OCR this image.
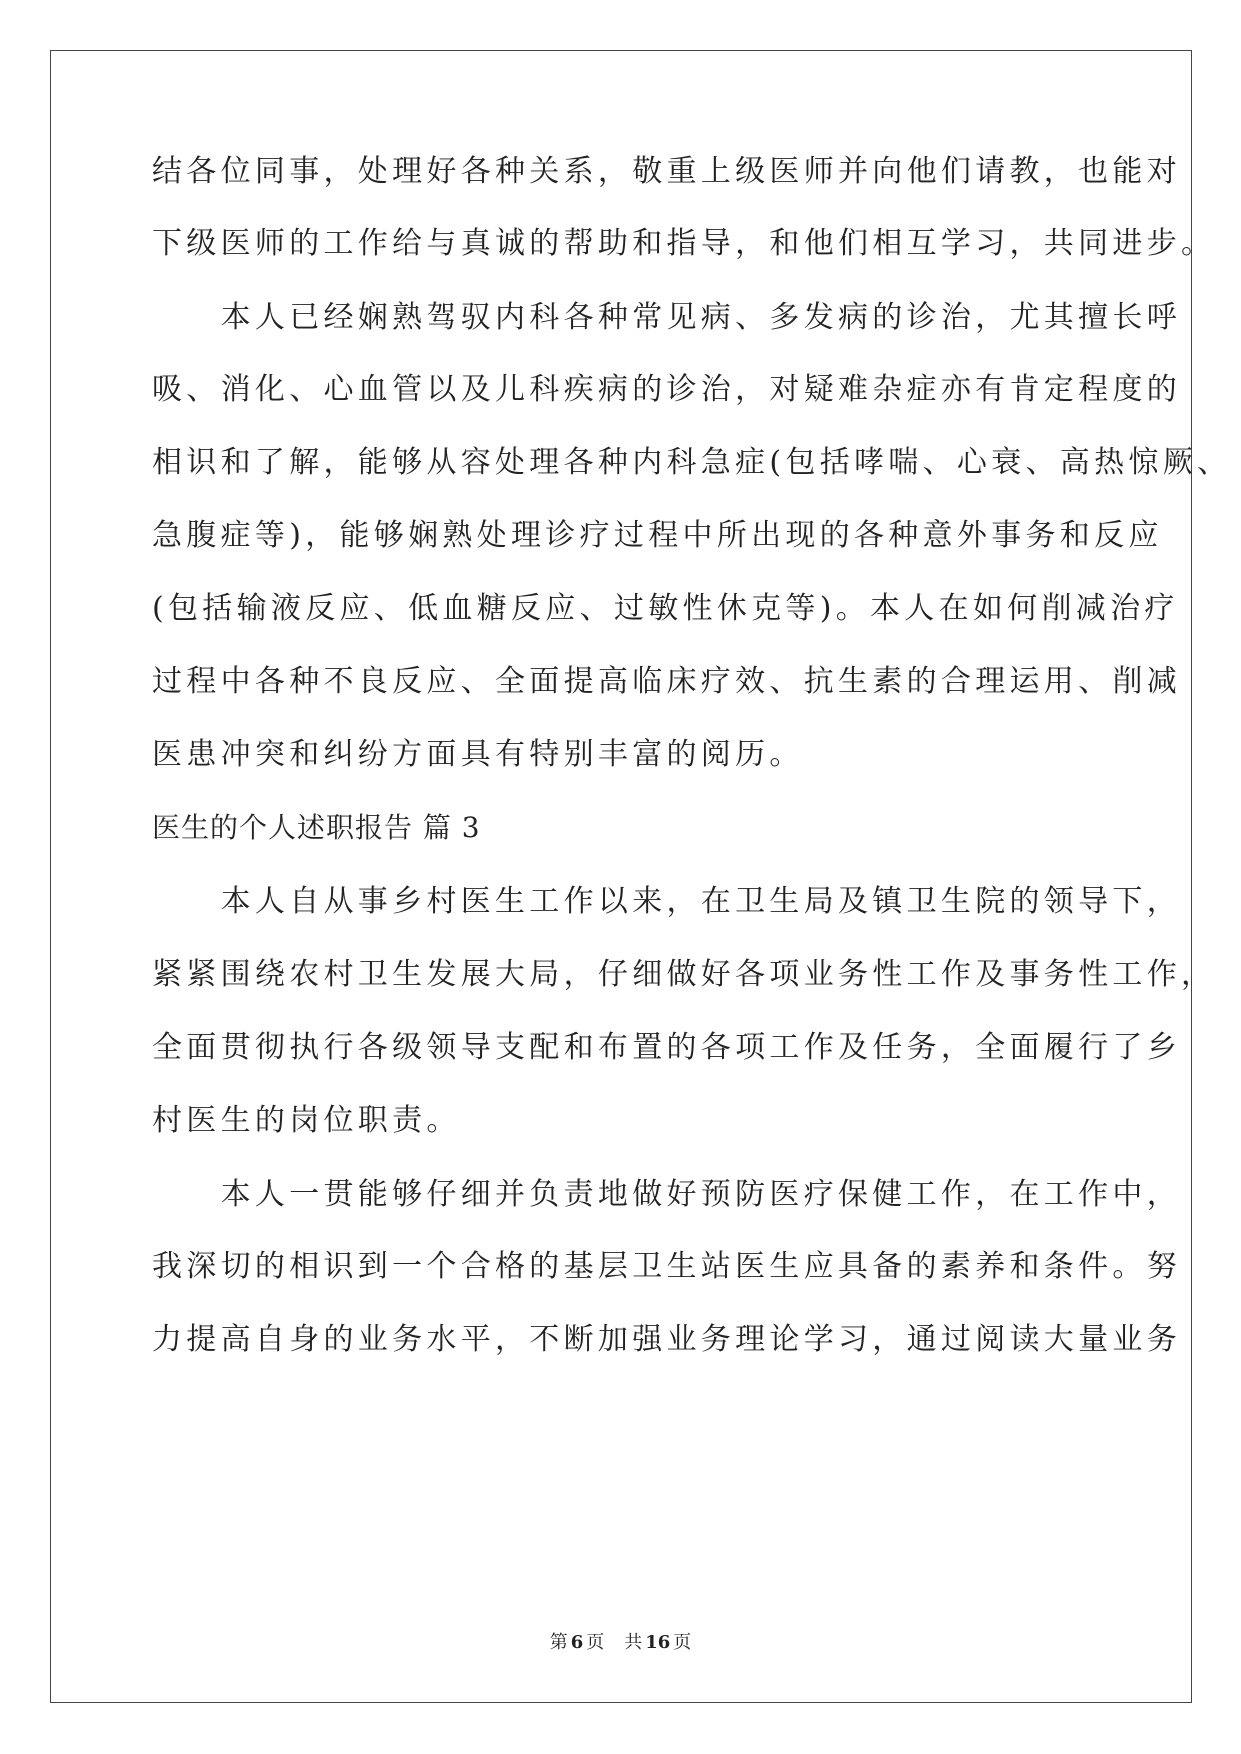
结各位同事，处理好各种关系，敬重上级医师并向他们请教，也能对
下级医师的工作给与真诚的帮助和指导，和他们相互学习，共同进步。
　　本人已经娴熟驾驭内科各种常见病、多发病的诊治，尤其擅长呼
吸、消化、心血管以及儿科疾病的诊治，对疑难杂症亦有肯定程度的
相识和了解，能够从容处理各种内科急症(包括哮喘、心衰、高热惊厥、
急腹症等)，能够娴熟处理诊疗过程中所出现的各种意外事务和反应
(包括输液反应、低血糖反应、过敏性休克等)。本人在如何削减治疗
过程中各种不良反应、全面提高临床疗效、抗生素的合理运用、削减
医患冲突和纠纷方面具有特别丰富的阅历。
医生的个人述职报告 篇 3
　　本人自从事乡村医生工作以来，在卫生局及镇卫生院的领导下，
紧紧围绕农村卫生发展大局，仔细做好各项业务性工作及事务性工作，
全面贯彻执行各级领导支配和布置的各项工作及任务，全面履行了乡
村医生的岗位职责。
　　本人一贯能够仔细并负责地做好预防医疗保健工作，在工作中，
我深切的相识到一个合格的基层卫生站医生应具备的素养和条件。努
力提高自身的业务水平，不断加强业务理论学习，通过阅读大量业务
第 6 页 共 16 页
